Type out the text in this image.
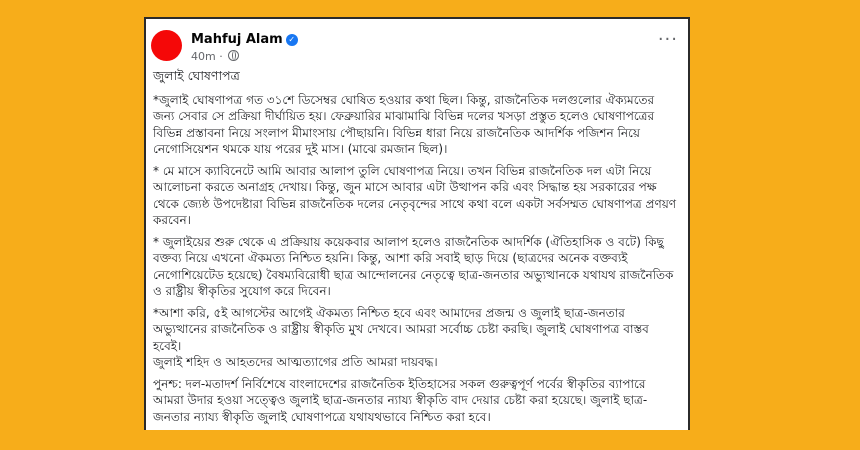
Mahfuj Alam ✓
40m ·
···

জুলাই ঘোষণাপত্র

*জুলাই ঘোষণাপত্র গত ৩১শে ডিসেম্বর ঘোষিত হওয়ার কথা ছিল। কিন্তু, রাজনৈতিক দলগুলোর ঐক্যমতের জন্য সেবার সে প্রক্রিয়া দীর্ঘায়িত হয়। ফেব্রুয়ারির মাঝামাঝি বিভিন্ন দলের খসড়া প্রস্তুত হলেও ঘোষণাপত্রের বিভিন্ন প্রস্তাবনা নিয়ে সংলাপ মীমাংসায় পৌছায়নি। বিভিন্ন ধারা নিয়ে রাজনৈতিক আদর্শিক পজিশন নিয়ে নেগোসিয়েশন থমকে যায় পরের দুই মাস। (মাঝে রমজান ছিল)।

* মে মাসে ক্যাবিনেটে আমি আবার আলাপ তুলি ঘোষণাপত্র নিয়ে। তখন বিভিন্ন রাজনৈতিক দল এটা নিয়ে আলোচনা করতে অনাগ্রহ দেখায়। কিন্তু, জুন মাসে আবার এটা উত্থাপন করি এবং সিদ্ধান্ত হয় সরকারের পক্ষ থেকে জ্যেষ্ঠ উপদেষ্টারা বিভিন্ন রাজনৈতিক দলের নেতৃবৃন্দের সাথে কথা বলে একটা সর্বসম্মত ঘোষণাপত্র প্রণয়ণ করবেন।

* জুলাইয়ের শুরু থেকে এ প্রক্রিয়ায় কয়েকবার আলাপ হলেও রাজনৈতিক আদর্শিক (ঐতিহাসিক ও বটে) কিছু বক্তব্য নিয়ে এখনো ঐকমত্য নিশ্চিত হয়নি। কিন্তু, আশা করি সবাই ছাড় দিয়ে (ছাত্রদের অনেক বক্তব্যই নেগোশিয়েটেড হয়েছে) বৈষম্যবিরোধী ছাত্র আন্দোলনের নেতৃত্বে ছাত্র-জনতার অভ্যুত্থানকে যথাযথ রাজনৈতিক ও রাষ্ট্রীয় স্বীকৃতির সুযোগ করে দিবেন।

*আশা করি, ৫ই আগস্টের আগেই ঐকমত্য নিশ্চিত হবে এবং আমাদের প্রজন্ম ও জুলাই ছাত্র-জনতার অভ্যুত্থানের রাজনৈতিক ও রাষ্ট্রীয় স্বীকৃতি মুখ দেখবে। আমরা সর্বোচ্চ চেষ্টা করছি। জুলাই ঘোষণাপত্র বাস্তব হবেই।

জুলাই শহিদ ও আহতদের আত্মত্যাগের প্রতি আমরা দায়বদ্ধ।

পুনশ্চ: দল-মতাদর্শ নির্বিশেষে বাংলাদেশের রাজনৈতিক ইতিহাসের সকল গুরুত্বপূর্ণ পর্বের স্বীকৃতির ব্যাপারে আমরা উদার হওয়া সত্ত্বেও জুলাই ছাত্র-জনতার ন্যায্য স্বীকৃতি বাদ দেয়ার চেষ্টা করা হয়েছে। জুলাই ছাত্র-জনতার ন্যায্য স্বীকৃতি জুলাই ঘোষণাপত্রে যথাযথভাবে নিশ্চিত করা হবে।
